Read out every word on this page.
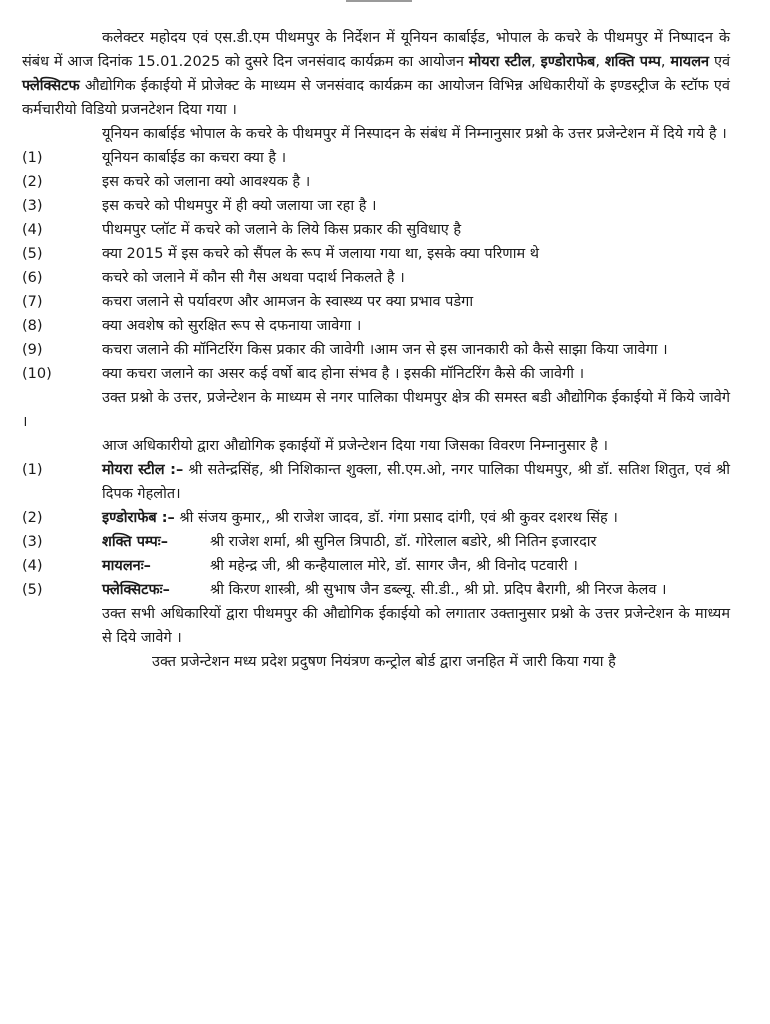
कलेक्टर महोदय एवं एस.डी.एम पीथमपुर के निर्देशन में यूनियन कार्बाईड, भोपाल के कचरे के पीथमपुर में निष्पादन के संबंध में आज दिनांक 15.01.2025 को दुसरे दिन जनसंवाद कार्यक्रम का आयोजन मोयरा स्टील, इण्डोराफेब, शक्ति पम्प, मायलन एवं फ्लेक्सिटफ औद्योगिक ईकाईयो में प्रोजेक्ट के माध्यम से जनसंवाद कार्यक्रम का आयोजन विभिन्न अधिकारीयों के इण्डस्ट्रीज के स्टॉफ एवं कर्मचारीयो विडियो प्रजनटेशन दिया गया ।

यूनियन कार्बाईड भोपाल के कचरे के पीथमपुर में निस्पादन के संबंध में निम्नानुसार प्रश्नो के उत्तर प्रजेन्टेशन में दिये गये है ।

(1)	यूनियन कार्बाईड का कचरा क्या है ।
(2)	इस कचरे को जलाना क्यो आवश्यक है ।
(3)	इस कचरे को पीथमपुर में ही क्यो जलाया जा रहा है ।
(4)	पीथमपुर प्लॉट में कचरे को जलाने के लिये किस प्रकार की सुविधाए है
(5)	क्या 2015 में इस कचरे को सैंपल के रूप में जलाया गया था, इसके क्या परिणाम थे
(6)	कचरे को जलाने में कौन सी गैस अथवा पदार्थ निकलते है ।
(7)	कचरा जलाने से पर्यावरण और आमजन के स्वास्थ्य पर क्या प्रभाव पडेगा
(8)	क्या अवशेष को सुरक्षित रूप से दफनाया जावेगा ।
(9)	कचरा जलाने की मॉनिटरिंग किस प्रकार की जावेगी ।आम जन से इस जानकारी को कैसे साझा किया जावेगा ।
(10)	क्या कचरा जलाने का असर कई वर्षो बाद होना संभव है । इसकी मॉनिटरिंग कैसे की जावेगी ।

उक्त प्रश्नो के उत्तर, प्रजेन्टेशन के माध्यम से नगर पालिका पीथमपुर क्षेत्र की समस्त बडी औद्योगिक ईकाईयो में किये जावेगे ।

आज अधिकारीयो द्वारा औद्योगिक इकाईयों में प्रजेन्टेशन दिया गया जिसका विवरण निम्नानुसार है ।

(1)	मोयरा स्टील :– श्री सतेन्द्रसिंह, श्री निशिकान्त शुक्ला, सी.एम.ओ, नगर पालिका पीथमपुर, श्री डॉ. सतिश शितुत, एवं श्री दिपक गेहलोत।
(2)	इण्डोराफेब :– श्री संजय कुमार,, श्री राजेश जादव, डॉ. गंगा प्रसाद दांगी, एवं श्री कुवर दशरथ सिंह ।
(3)	शक्ति पम्पः–	श्री राजेश शर्मा, श्री सुनिल त्रिपाठी, डॉ. गोरेलाल बडोरे, श्री नितिन इजारदार
(4)	मायलनः–	श्री महेन्द्र जी, श्री कन्हैयालाल मोरे, डॉ. सागर जैन, श्री विनोद पटवारी ।
(5)	फ्लेक्सिटफः–	श्री किरण शास्त्री, श्री सुभाष जैन डब्ल्यू. सी.डी., श्री प्रो. प्रदिप बैरागी, श्री निरज केलव ।

उक्त सभी अधिकारियों द्वारा पीथमपुर की औद्योगिक ईकाईयो को लगातार उक्तानुसार प्रश्नो के उत्तर प्रजेन्टेशन के माध्यम से दिये जावेगे ।

उक्त प्रजेन्टेशन मध्य प्रदेश प्रदुषण नियंत्रण कन्ट्रोल बोर्ड द्वारा जनहित में जारी किया गया है
